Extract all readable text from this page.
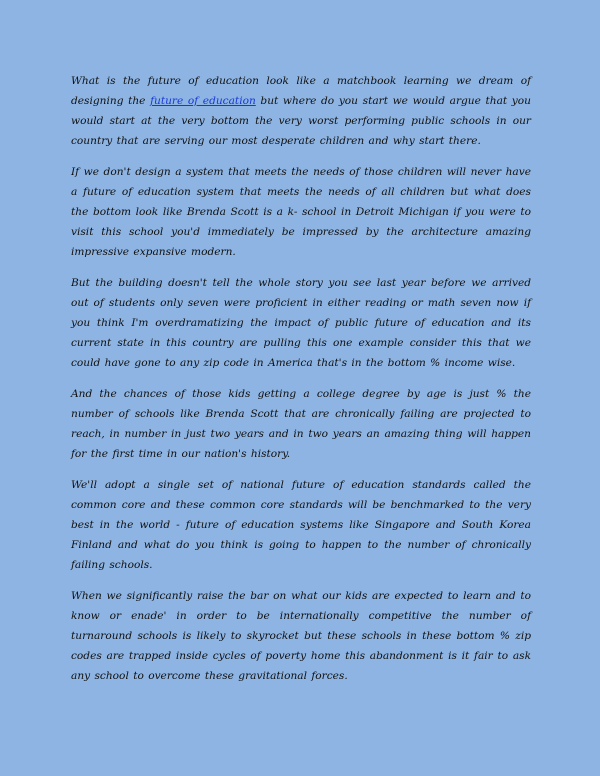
What is the future of education look like a matchbook learning we dream of designing the future of education but where do you start we would argue that you would start at the very bottom the very worst performing public schools in our country that are serving our most desperate children and why start there.

If we don't design a system that meets the needs of those children will never have a future of education system that meets the needs of all children but what does the bottom look like Brenda Scott is a k- school in Detroit Michigan if you were to visit this school you'd immediately be impressed by the architecture amazing impressive expansive modern.

But the building doesn't tell the whole story you see last year before we arrived out of students only seven were proficient in either reading or math seven now if you think I'm overdramatizing the impact of public future of education and its current state in this country are pulling this one example consider this that we could have gone to any zip code in America that's in the bottom % income wise.

And the chances of those kids getting a college degree by age is just % the number of schools like Brenda Scott that are chronically failing are projected to reach, in number in just two years and in two years an amazing thing will happen for the first time in our nation's history.

We'll adopt a single set of national future of education standards called the common core and these common core standards will be benchmarked to the very best in the world - future of education systems like Singapore and South Korea Finland and what do you think is going to happen to the number of chronically failing schools.

When we significantly raise the bar on what our kids are expected to learn and to know or enade' in order to be internationally competitive the number of turnaround schools is likely to skyrocket but these schools in these bottom % zip codes are trapped inside cycles of poverty home this abandonment is it fair to ask any school to overcome these gravitational forces.
